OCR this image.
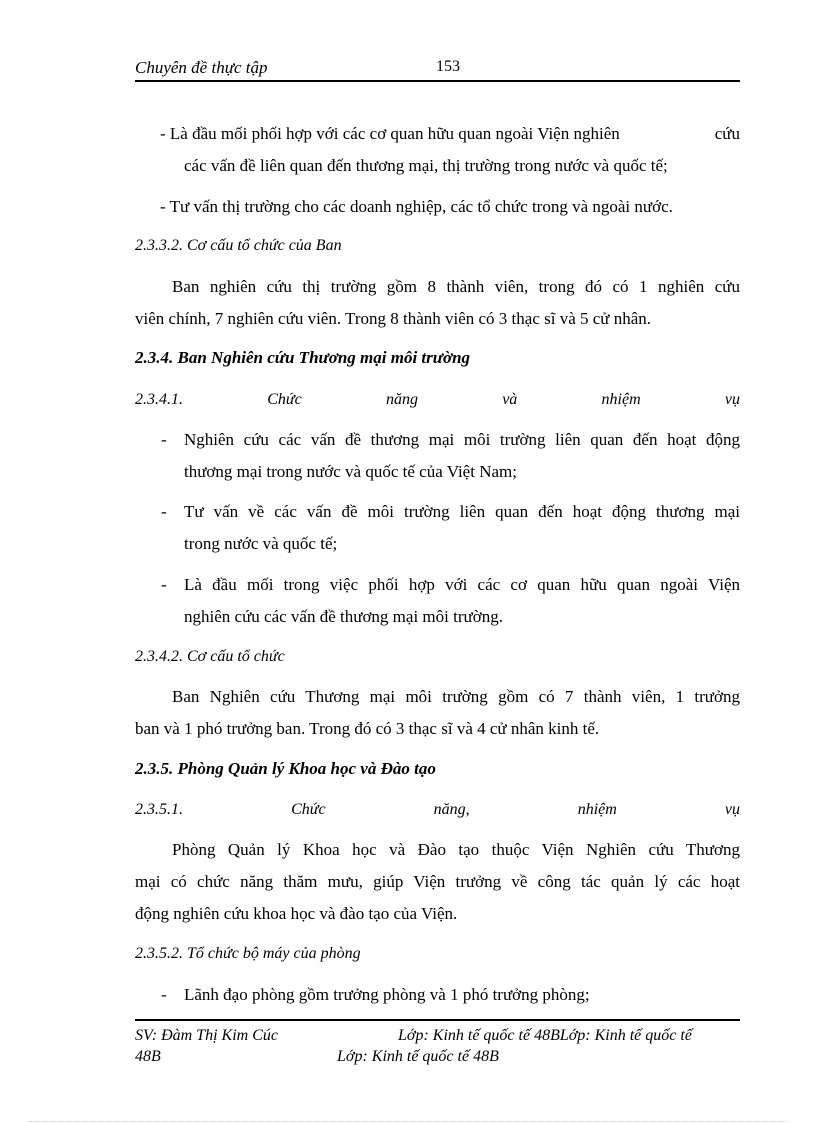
Chuyên đề thực tập	153
- Là đầu mối phối hợp với các cơ quan hữu quan ngoài Viện nghiên	cứu
các vấn đề liên quan đến thương mại, thị trường trong nước và quốc tế;
- Tư vấn thị trường cho các doanh nghiệp, các tổ chức trong và ngoài nước.
2.3.3.2. Cơ cấu tổ chức của Ban
Ban nghiên cứu thị trường gồm 8 thành viên, trong đó có 1 nghiên cứu
viên chính, 7 nghiên cứu viên. Trong 8 thành viên có 3 thạc sĩ và 5 cử nhân.
2.3.4. Ban Nghiên cứu Thương mại môi trường
2.3.4.1.	Chức	năng	và	nhiệm	vụ
- Nghiên cứu các vấn đề thương mại môi trường liên quan đến hoạt động
thương mại trong nước và quốc tế của Việt Nam;
- Tư vấn về các vấn đề môi trường liên quan đến hoạt động thương mại
trong nước và quốc tế;
- Là đầu mối trong việc phối hợp với các cơ quan hữu quan ngoài Viện
nghiên cứu các vấn đề thương mại môi trường.
2.3.4.2. Cơ cấu tổ chức
Ban Nghiên cứu Thương mại môi trường gồm có 7 thành viên, 1 trưởng
ban và 1 phó trưởng ban. Trong đó có 3 thạc sĩ và 4 cử nhân kinh tế.
2.3.5. Phòng Quản lý Khoa học và Đào tạo
2.3.5.1.	Chức	năng,	nhiệm	vụ
Phòng Quản lý Khoa học và Đào tạo thuộc Viện Nghiên cứu Thương
mại có chức năng thăm mưu, giúp Viện trưởng về công tác quản lý các hoạt
động nghiên cứu khoa học và đào tạo của Viện.
2.3.5.2. Tổ chức bộ máy của phòng
- Lãnh đạo phòng gồm trưởng phòng và 1 phó trưởng phòng;
SV: Đàm Thị Kim Cúc	Lớp: Kinh tế quốc tế 48BLớp: Kinh tế quốc tế
48B	Lớp: Kinh tế quốc tế 48B
